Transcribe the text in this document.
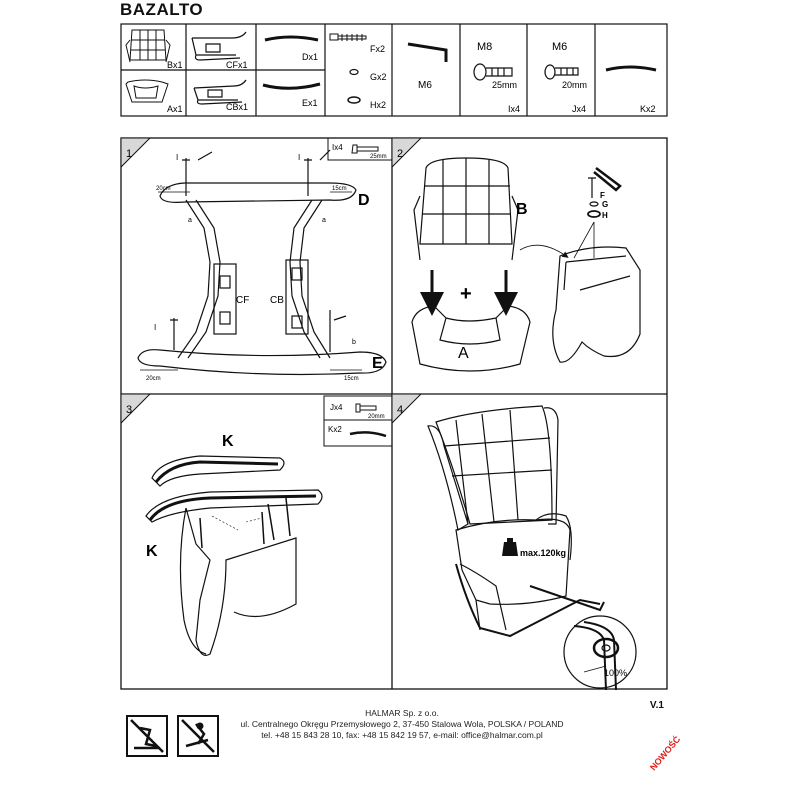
BAZALTO
Bx1
Ax1
CFx1
CBx1
Dx1
Ex1
Fx2
Gx2
Hx2
M6
M8
25mm
Ix4
M6
20mm
Jx4	Kx2
1	2
3	4
Ix4
25mm
I	I
I
D
E
CF CB
a
a
b
20cm	15cm
20cm	15cm
+
B
A
F
G
H
Jx4
20mm
Kx2
K
K	max.120kg
100%
V.1
HALMAR Sp. z o.o.
ul. Centralnego Okręgu Przemysłowego 2, 37-450 Stalowa Wola, POLSKA / POLAND
tel. +48 15 843 28 10, fax: +48 15 842 19 57, e-mail: office@halmar.com.pl	NOWOŚĆ
